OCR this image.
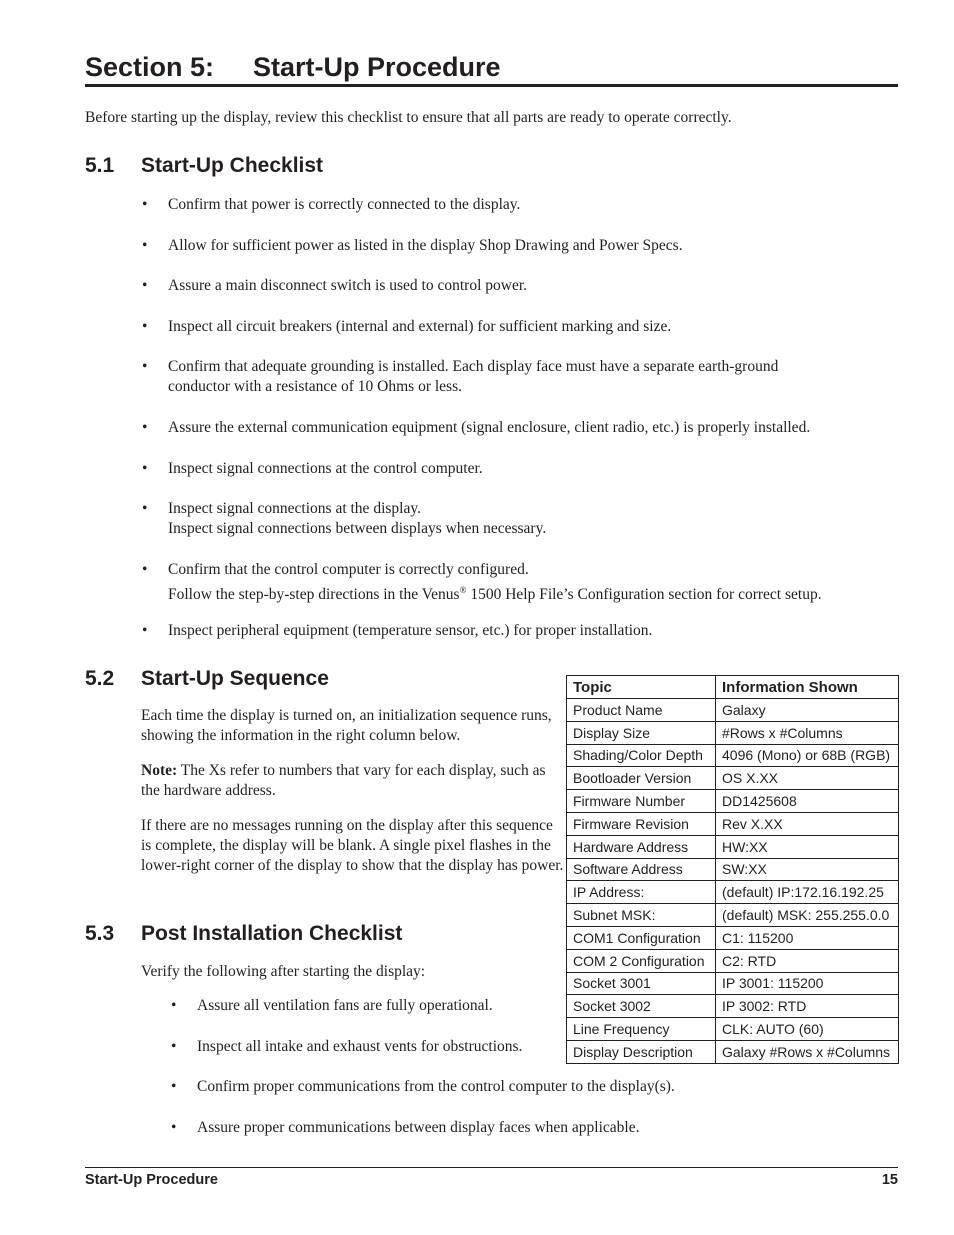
Section 5: Start-Up Procedure
Before starting up the display, review this checklist to ensure that all parts are ready to operate correctly.
5.1 Start-Up Checklist
• Confirm that power is correctly connected to the display.
• Allow for sufficient power as listed in the display Shop Drawing and Power Specs.
• Assure a main disconnect switch is used to control power.
• Inspect all circuit breakers (internal and external) for sufficient marking and size.
• Confirm that adequate grounding is installed. Each display face must have a separate earth-ground
conductor with a resistance of 10 Ohms or less.
• Assure the external communication equipment (signal enclosure, client radio, etc.) is properly installed.
• Inspect signal connections at the control computer.
• Inspect signal connections at the display.
Inspect signal connections between displays when necessary.
• Confirm that the control computer is correctly configured.
Follow the step-by-step directions in the Venus® 1500 Help File’s Configuration section for correct setup.
• Inspect peripheral equipment (temperature sensor, etc.) for proper installation.
5.2 Start-Up Sequence

Each time the display is turned on, an initialization sequence runs, showing the information in the right column below.

Note: The Xs refer to numbers that vary for each display, such as the hardware address.

If there are no messages running on the display after this sequence is complete, the display will be blank. A single pixel flashes in the lower-right corner of the display to show that the display has power.

Topic	Information Shown
Product Name	Galaxy
Display Size	#Rows x #Columns
Shading/Color Depth	4096 (Mono) or 68B (RGB)
Bootloader Version	OS X.XX
Firmware Number	DD1425608
Firmware Revision	Rev X.XX
Hardware Address	HW:XX
Software Address	SW:XX
IP Address:	(default) IP:172.16.192.25
Subnet MSK:	(default) MSK: 255.255.0.0
COM1 Configuration	C1: 115200
COM 2 Configuration	C2: RTD
Socket 3001	IP 3001: 115200
Socket 3002	IP 3002: RTD
Line Frequency	CLK: AUTO (60)
Display Description	Galaxy #Rows x #Columns
5.3 Post Installation Checklist

Verify the following after starting the display:

• Assure all ventilation fans are fully operational.
• Inspect all intake and exhaust vents for obstructions.
• Confirm proper communications from the control computer to the display(s).
• Assure proper communications between display faces when applicable.
Start-Up Procedure	15
